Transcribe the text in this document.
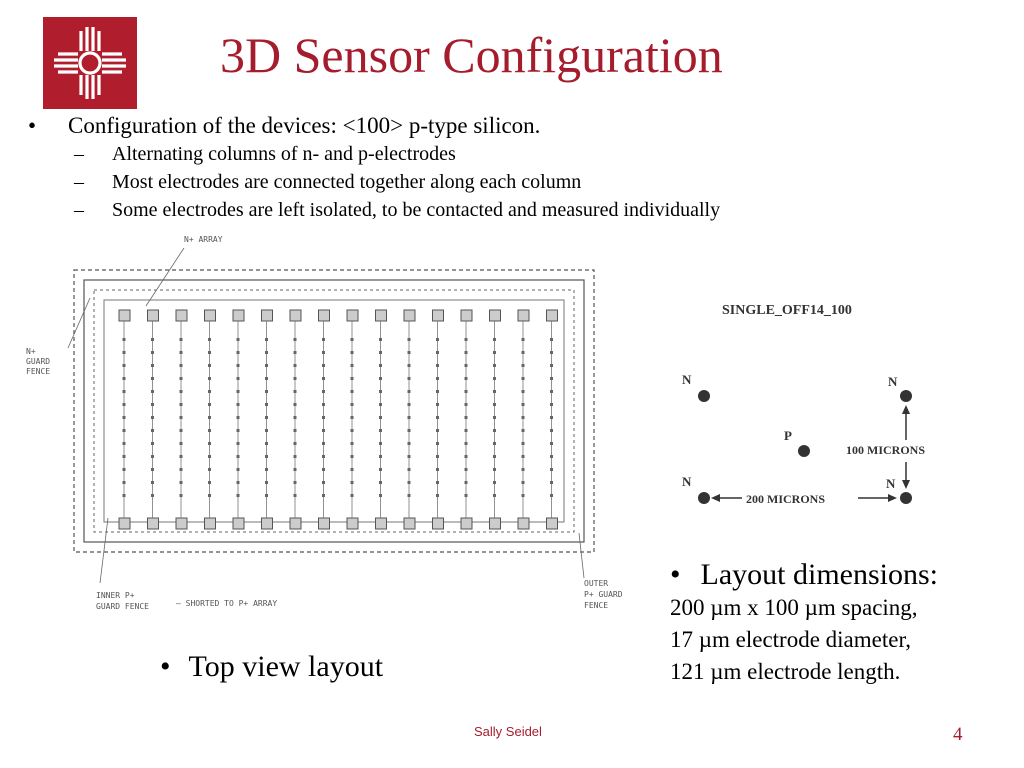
3D Sensor Configuration
• Configuration of the devices: <100> p-type silicon.
– Alternating columns of n- and p-electrodes
– Most electrodes are connected together along each column
– Some electrodes are left isolated, to be contacted and measured individually
N+ ARRAY
N+
GUARD
FENCE
INNER P+
GUARD FENCE	— SHORTED TO P+ ARRAY
OUTER
P+ GUARD
FENCE
SINGLE_OFF14_100
N	N
P
N	N
100 MICRONS
200 MICRONS
• Top view layout
• Layout dimensions:
200 µm x 100 µm spacing,
17 µm electrode diameter,
121 µm electrode length.
Sally Seidel	4
